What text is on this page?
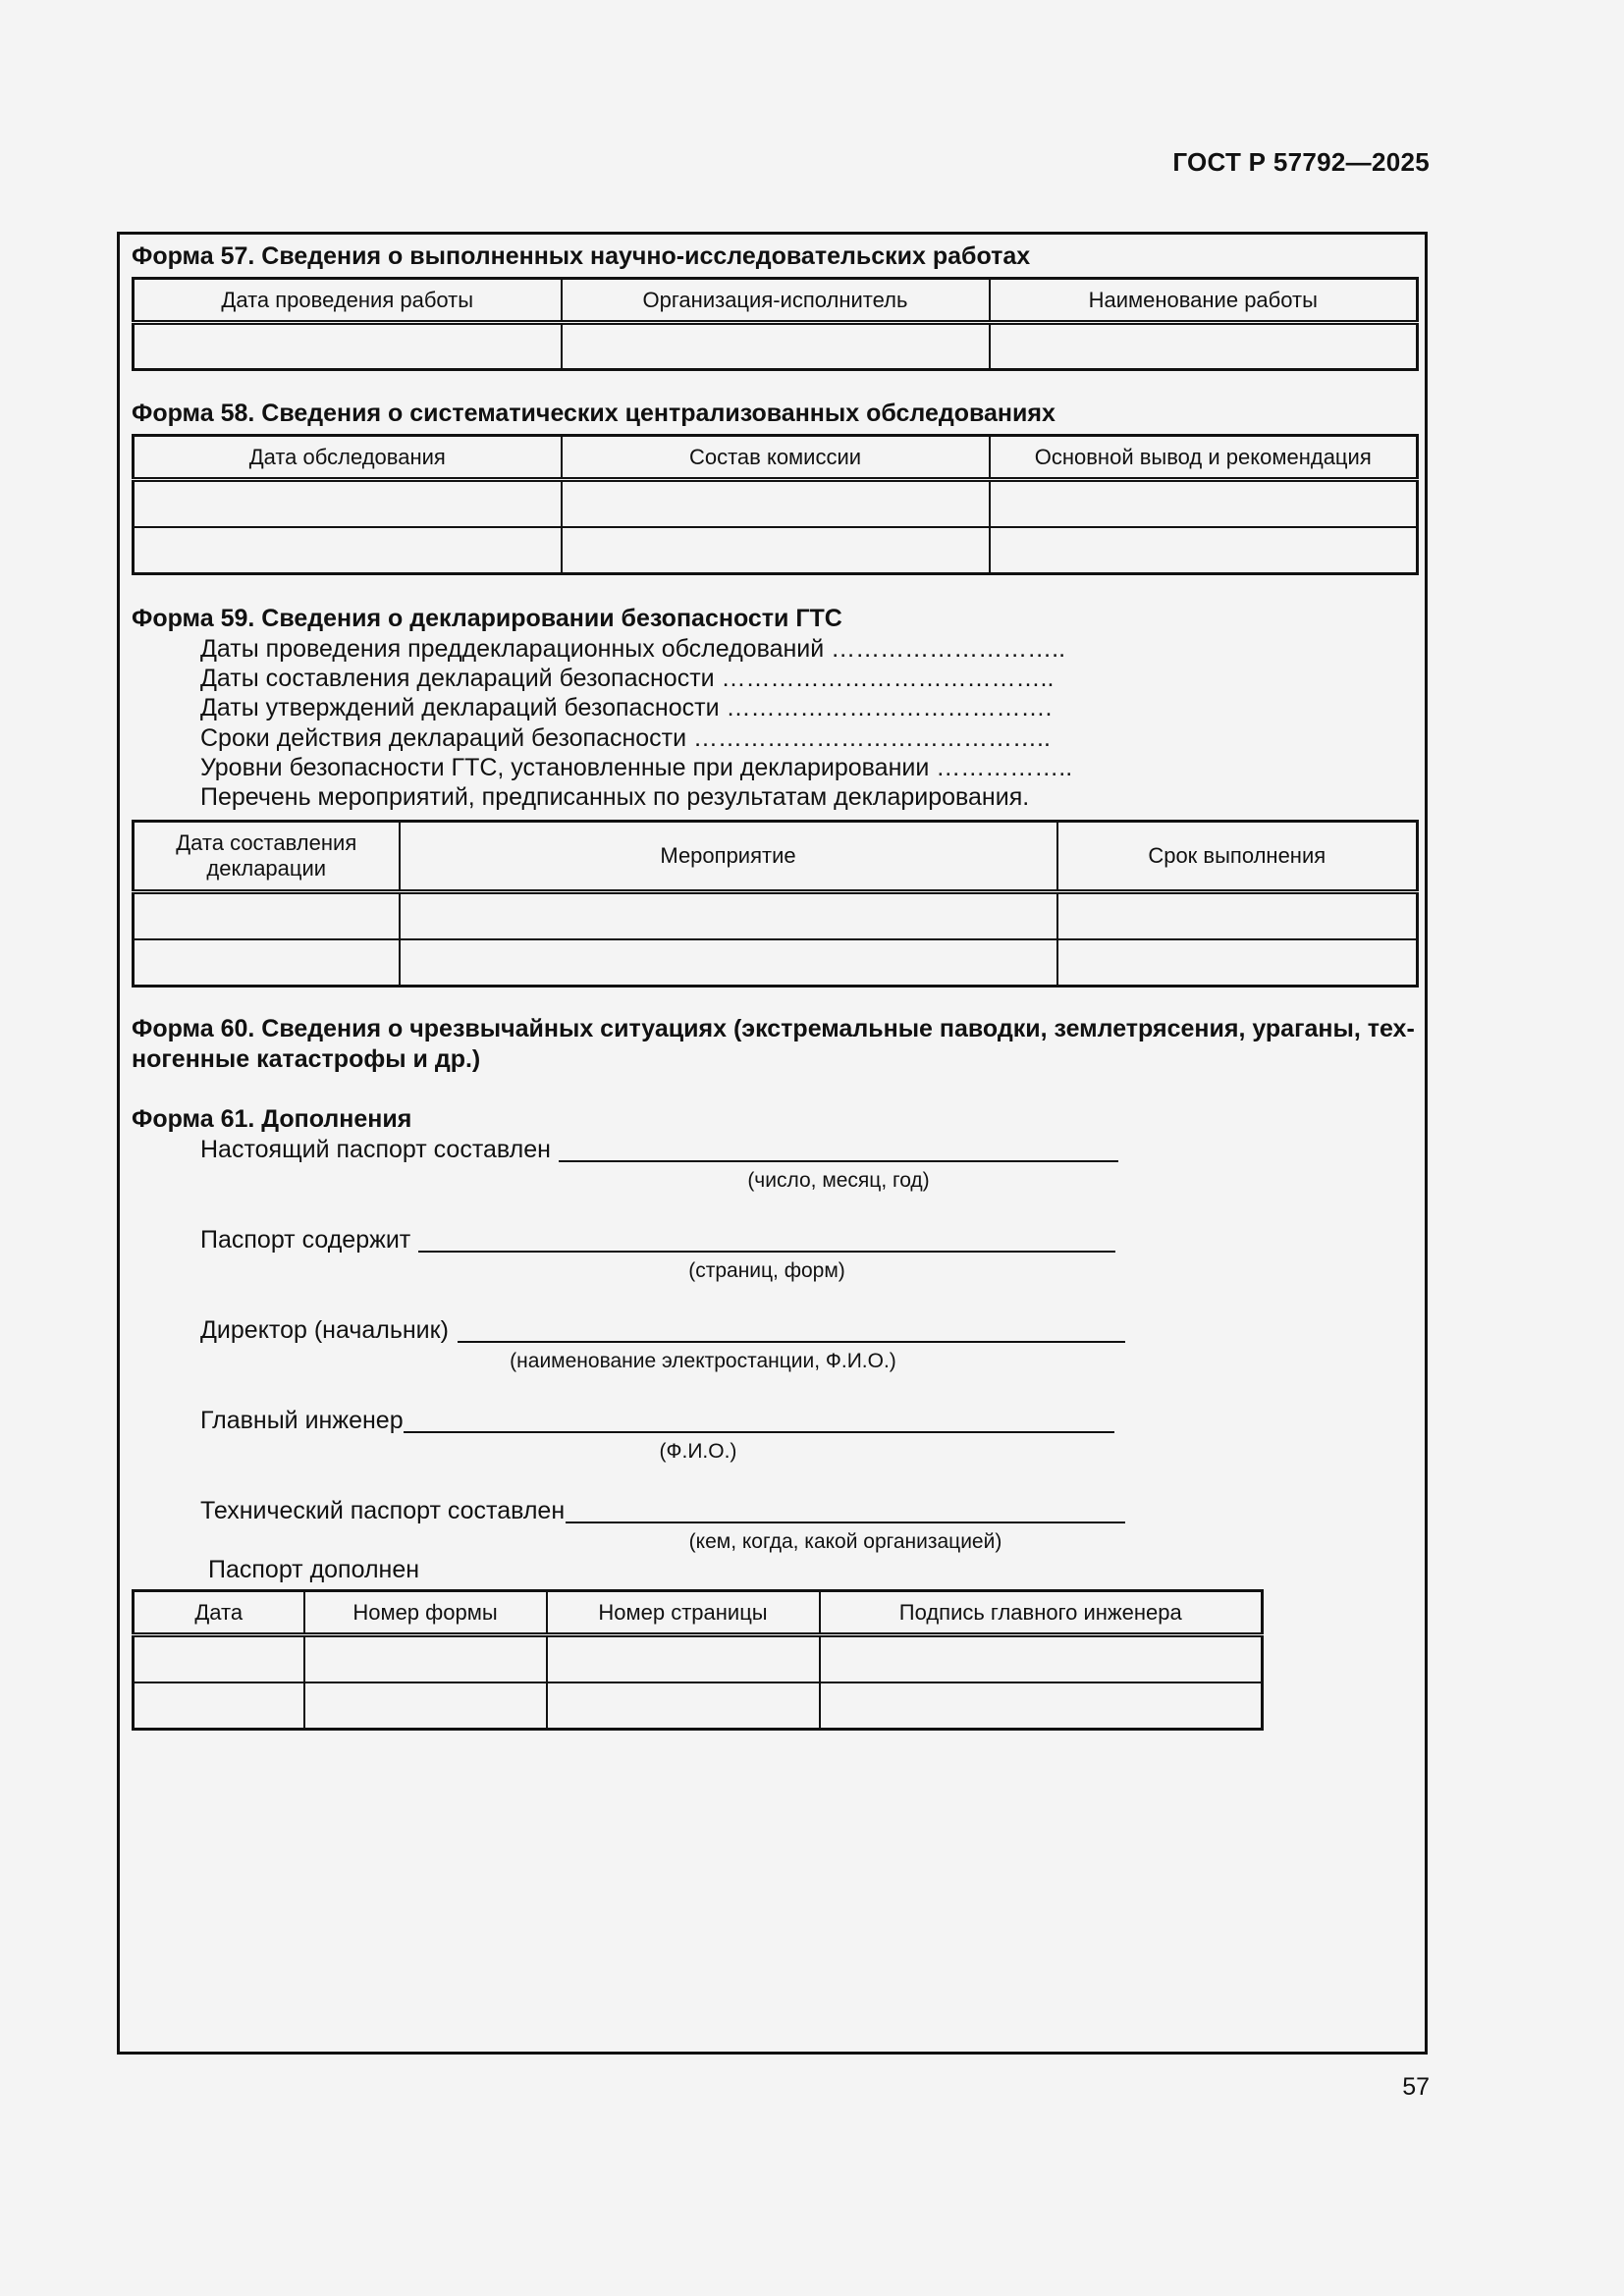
ГОСТ Р 57792—2025
Форма 57. Сведения о выполненных научно-исследовательских работах
Дата проведения работы	Организация-исполнитель	Наименование работы

Форма 58. Сведения о систематических централизованных обследованиях
Дата обследования	Состав комиссии	Основной вывод и рекомендация

Форма 59. Сведения о декларировании безопасности ГТС
Даты проведения преддекларационных обследований ………………………..
Даты составления деклараций безопасности …………………………………..
Даты утверждений деклараций безопасности ………………………………….
Сроки действия деклараций безопасности ……………………………………..
Уровни безопасности ГТС, установленные при декларировании ……………..
Перечень мероприятий, предписанных по результатам декларирования.
Дата составления декларации	Мероприятие	Срок выполнения

Форма 60. Сведения о чрезвычайных ситуациях (экстремальные паводки, землетрясения, ураганы, тех-
ногенные катастрофы и др.)
Форма 61. Дополнения
Настоящий паспорт составлен
(число, месяц, год)
Паспорт содержит
(страниц, форм)
Директор (начальник)
(наименование электростанции, Ф.И.О.)
Главный инженер
(Ф.И.О.)
Технический паспорт составлен
(кем, когда, какой организацией)
Паспорт дополнен
Дата	Номер формы	Номер страницы	Подпись главного инженера

57
